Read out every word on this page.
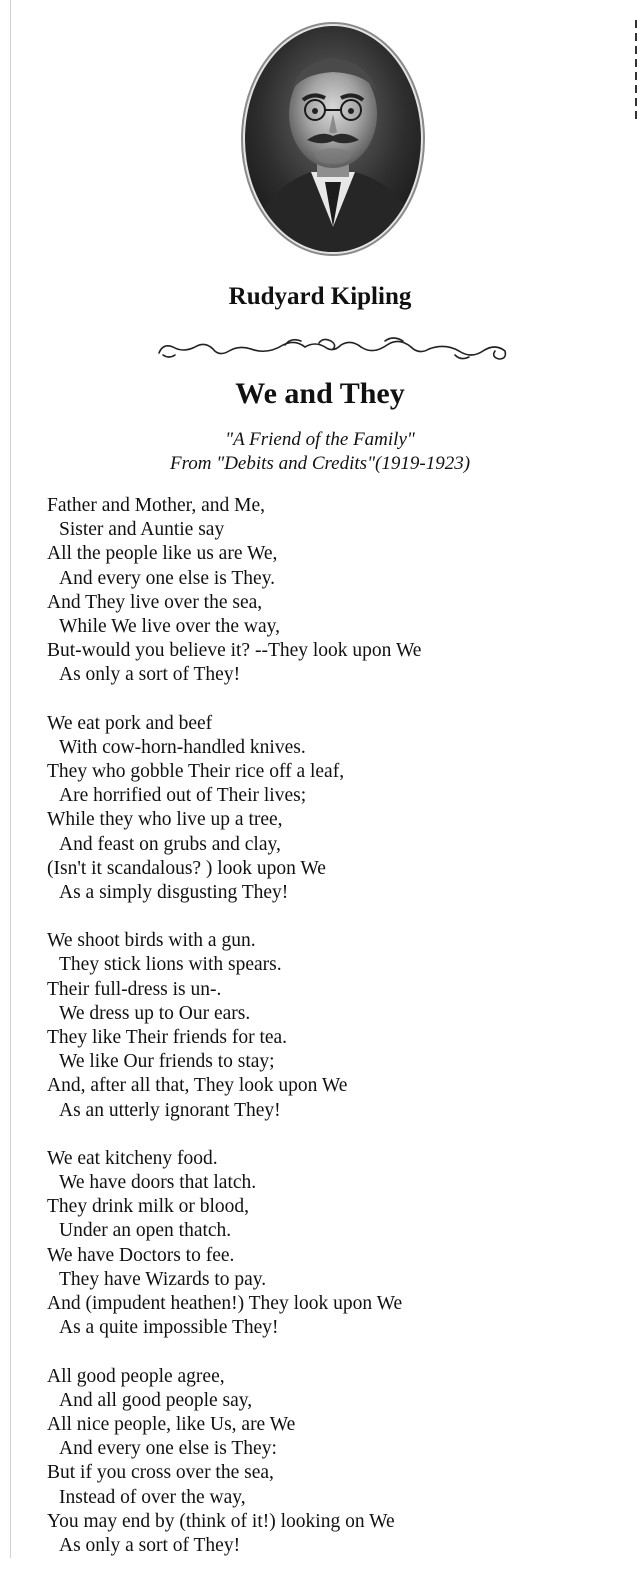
Rudyard Kipling
We and They
"A Friend of the Family"
From "Debits and Credits"(1919-1923)
Father and Mother, and Me,
Sister and Auntie say
All the people like us are We,
And every one else is They.
And They live over the sea,
While We live over the way,
But-would you believe it? --They look upon We
As only a sort of They!
We eat pork and beef
With cow-horn-handled knives.
They who gobble Their rice off a leaf,
Are horrified out of Their lives;
While they who live up a tree,
And feast on grubs and clay,
(Isn't it scandalous? ) look upon We
As a simply disgusting They!
We shoot birds with a gun.
They stick lions with spears.
Their full-dress is un-.
We dress up to Our ears.
They like Their friends for tea.
We like Our friends to stay;
And, after all that, They look upon We
As an utterly ignorant They!
We eat kitcheny food.
We have doors that latch.
They drink milk or blood,
Under an open thatch.
We have Doctors to fee.
They have Wizards to pay.
And (impudent heathen!) They look upon We
As a quite impossible They!
All good people agree,
And all good people say,
All nice people, like Us, are We
And every one else is They:
But if you cross over the sea,
Instead of over the way,
You may end by (think of it!) looking on We
As only a sort of They!
